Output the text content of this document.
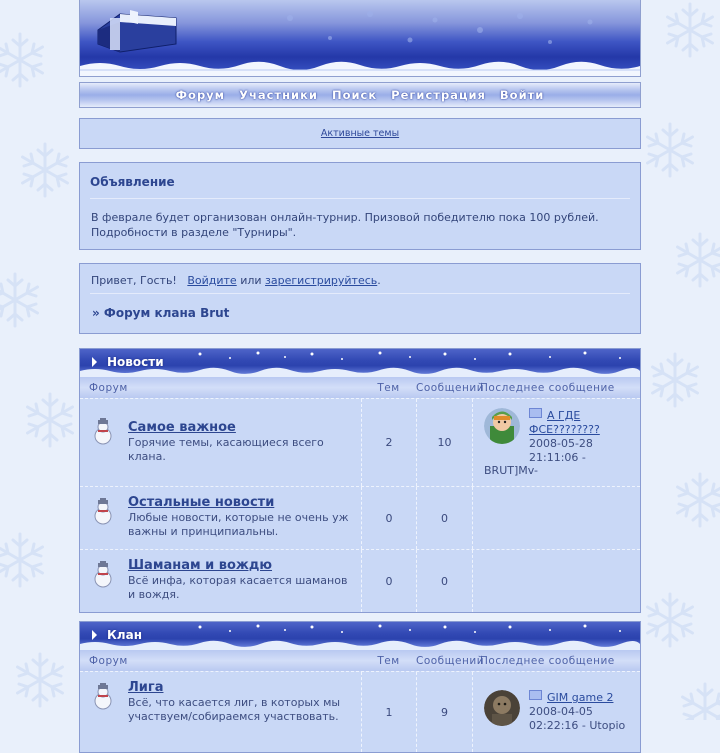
Форум Участники Поиск Регистрация Войти
Активные темы
Объявление
В феврале будет организован онлайн-турнир. Призовой победителю пока 100 рублей. Подробности в разделе "Турниры".
Привет, Гость! Войдите или зарегистрируйтесь.
» Форум клана Brut
Новости
Форум	Тем	Сообщений
Последнее сообщение
Самое важное
Горячие темы, касающиеся всего клана.
2	10
А ГДЕ ФСЕ????????
2008-05-28
21:11:06 -
BRUT]Mv-
Остальные новости
Любые новости, которые не очень уж важны и принципиальны.
0	0
Шаманам и вождю
Всё инфа, которая касается шаманов и вождя.
0	0
Клан
Форум	Тем	Сообщений
Последнее сообщение
Лига
Всё, что касается лиг, в которых мы участвуем/собираемся участвовать.	1	9
GIM game 2
2008-04-05
02:22:16 - Utopio
